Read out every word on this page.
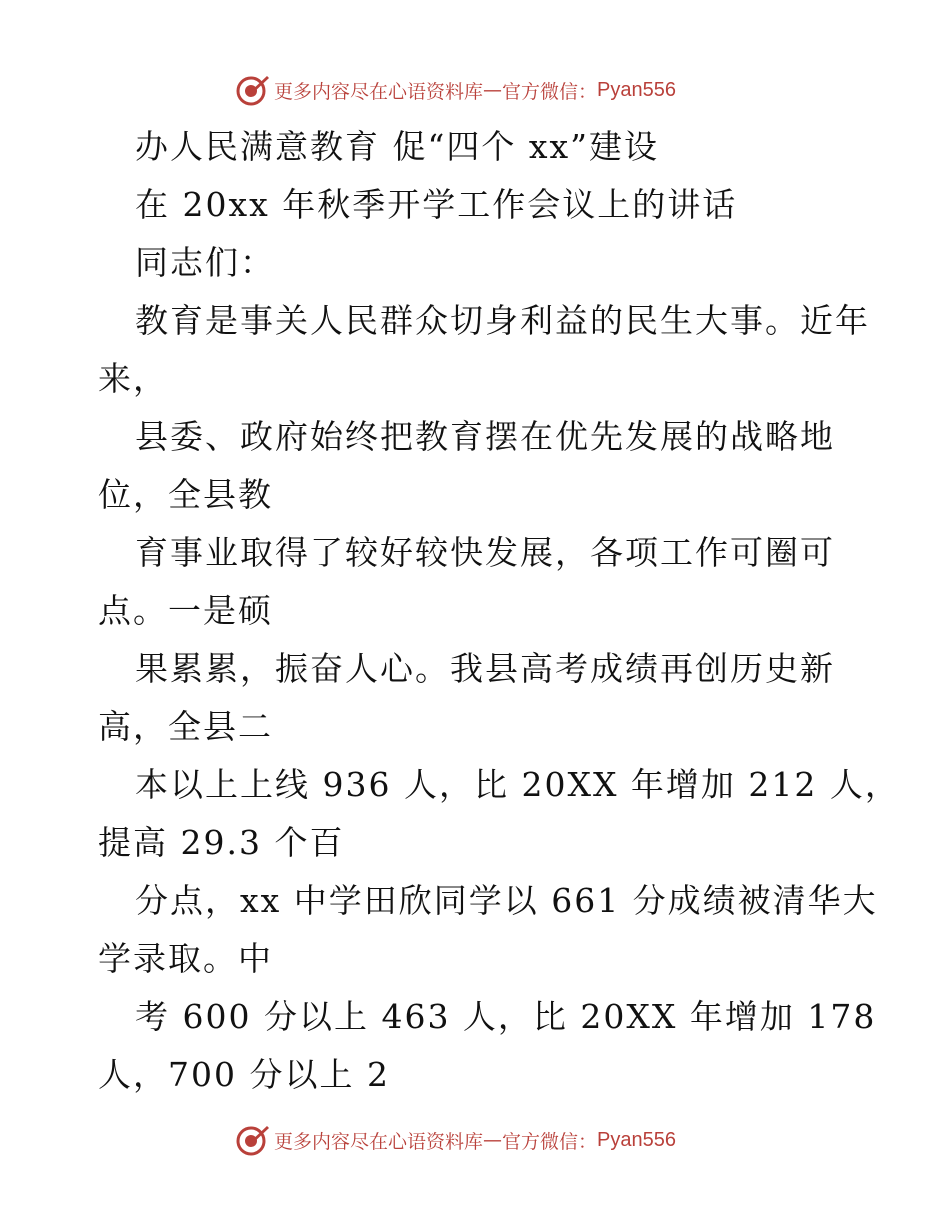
更多内容尽在心语资料库 — 官方微信： Pyan556
办人民满意教育 促“四个 xx”建设
在 20xx 年秋季开学工作会议上的讲话
同志们：
教育是事关人民群众切身利益的民生大事。近年
来，
县委、政府始终把教育摆在优先发展的战略地
位，全县教
育事业取得了较好较快发展，各项工作可圈可
点。一是硕
果累累，振奋人心。我县高考成绩再创历史新
高，全县二
本以上上线 936 人，比 20XX 年增加 212 人，
提高 29.3 个百
分点，xx 中学田欣同学以 661 分成绩被清华大
学录取。中
考 600 分以上 463 人，比 20XX 年增加 178
人，700 分以上 2
更多内容尽在心语资料库 — 官方微信： Pyan556
